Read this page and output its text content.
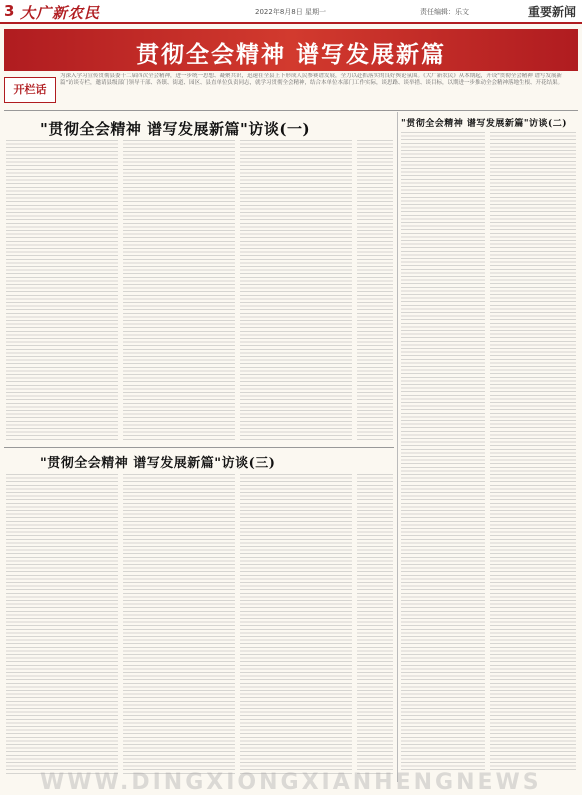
3 大广新农民	2022年8月8日 星期一	责任编辑：乐文	重要新闻
贯彻全会精神 谱写发展新篇
开栏话
为深入学习宣传贯彻县委十二届四次全会精神，进一步统一思想、凝聚共识，迅速在全县上下形成人民参赛谱发展，全力以赴抓落实的良好舆论氛围。《大广新农民》从本期起，开设"贯彻全会精神 谱写发展新篇"访谈专栏，邀请县级部门领导干部、各镇、街道、园区、县直单位负责同志，就学习贯彻全会精神，结合本单位本部门工作实际，谈思路、谈举措、谈目标，以期进一步推动全会精神落地生根、开花结果。
"贯彻全会精神 谱写发展新篇"访谈(一)	"贯彻全会精神 谱写发展新篇"访谈(二)
"贯彻全会精神 谱写发展新篇"访谈(三)
WWW.DINGXIONGXIANHENGNEWS
